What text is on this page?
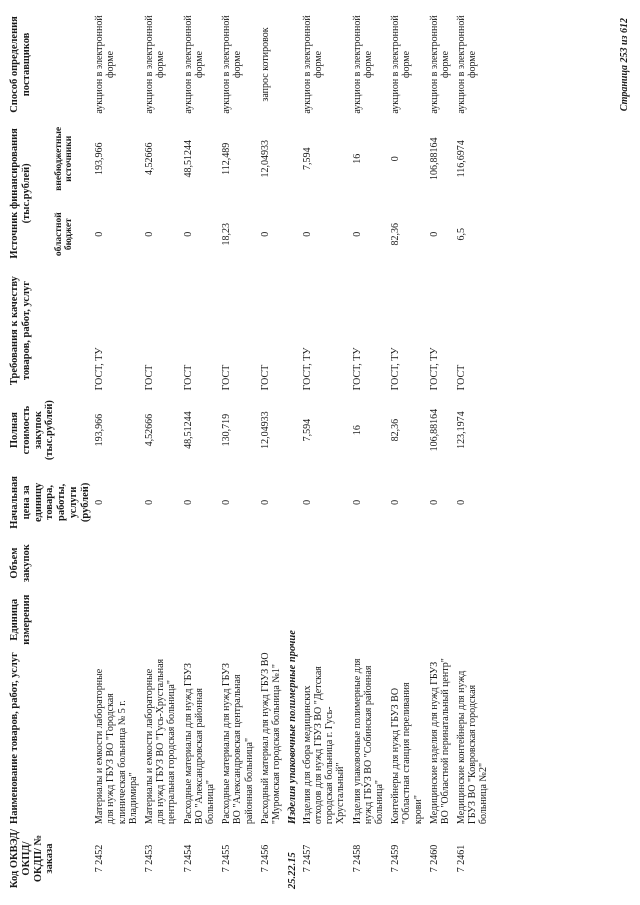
Код ОКВЭД/ ОКПД/ ОКДП/ № заказа	Наименование товаров, работ, услуг	Единица измерения	Объем закупок	Начальная цена за единицу товара, работы, услуги (рублей)	Полная стоимость закупок (тыс.рублей)	Требования к качеству товаров, работ, услуг	Источник финансирования (тыс.рублей)		Способ определения поставщиков
							областной бюджет	внебюджетные источники	
7 2452	Материалы и емкости лабораторные для нужд ГБУЗ ВО "Городская клиническая больница № 5 г. Владимира"			0	193,966	ГОСТ, ТУ	0	193,966	аукцион в электронной форме
7 2453	Материалы и емкости лабораторные для нужд ГБУЗ ВО "Гусь-Хрустальная центральная городская больница"			0	4,52666	ГОСТ	0	4,52666	аукцион в электронной форме
7 2454	Расходные материалы для нужд ГБУЗ ВО "Александровская районная больница"			0	48,51244	ГОСТ	0	48,51244	аукцион в электронной форме
7 2455	Расходные материалы для нужд ГБУЗ ВО "Александровская центральная районная больница"			0	130,719	ГОСТ	18,23	112,489	аукцион в электронной форме
7 2456	Расходный материал для нужд ГБУЗ ВО "Муромская городская больница №1"			0	12,04933	ГОСТ	0	12,04933	запрос котировок
25.22.15	Изделия упаковочные полимерные прочие								
7 2457	Изделия для сбора медицинских отходов для нужд ГБУЗ ВО "Детская городская больница г. Гусь-Хрустальный"			0	7,594	ГОСТ, ТУ	0	7,594	аукцион в электронной форме
7 2458	Изделия упаковочные полимерные для нужд ГБУЗ ВО "Собинская районная больница"			0	16	ГОСТ, ТУ	0	16	аукцион в электронной форме
7 2459	Контейнеры для нужд ГБУЗ ВО "Областная станция переливания крови"			0	82,36	ГОСТ, ТУ	82,36	0	аукцион в электронной форме
7 2460	Медицинские изделия для нужд ГБУЗ ВО "Областной перинатальный центр"			0	106,88164	ГОСТ, ТУ	0	106,88164	аукцион в электронной форме
7 2461	Медицинские контейнеры для нужд ГБУЗ ВО "Ковровская городская больница №2"			0	123,1974	ГОСТ	6,5	116,6974	аукцион в электронной форме	Страница 253 из 612
